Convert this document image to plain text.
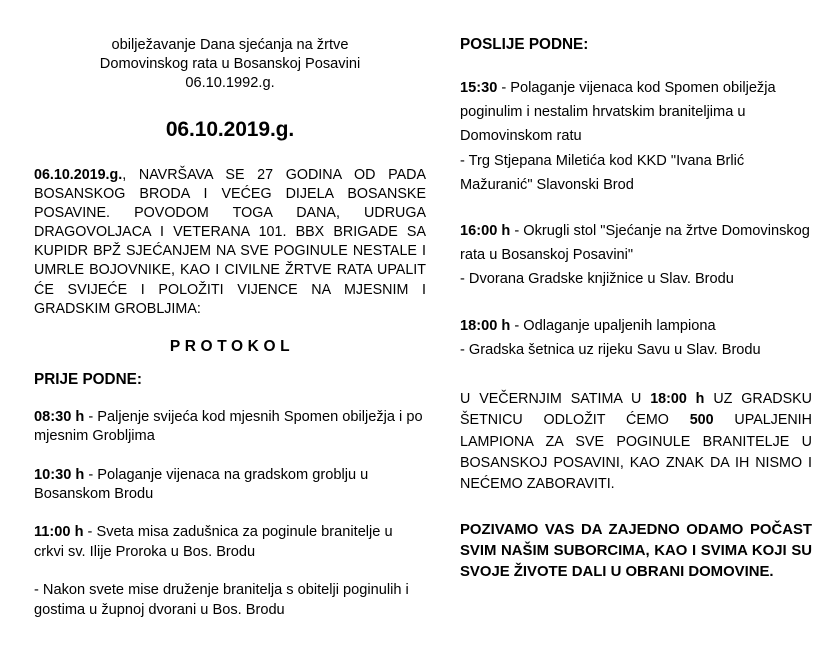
obilježavanje Dana sjećanja na žrtve
Domovinskog rata u Bosanskoj Posavini
06.10.1992.g.
06.10.2019.g.

06.10.2019.g., NAVRŠAVA SE 27 GODINA OD PADA BOSANSKOG BRODA I VEĆEG DIJELA BOSANSKE POSAVINE. POVODOM TOGA DANA, UDRUGA DRAGOVOLJACA I VETERANA 101. BBX BRIGADE SA KUPIDR BPŽ SJEĆANJEM NA SVE POGINULE NESTALE I UMRLE BOJOVNIKE, KAO I CIVILNE ŽRTVE RATA UPALIT ĆE SVIJEĆE I POLOŽITI VIJENCE NA MJESNIM I GRADSKIM GROBLJIMA:

PROTOKOL
PRIJE PODNE:

08:30 h - Paljenje svijeća kod mjesnih Spomen obilježja i po mjesnim Grobljima

10:30 h - Polaganje vijenaca na gradskom groblju u Bosanskom Brodu

11:00 h - Sveta misa zadušnica za poginule branitelje u crkvi sv. Ilije Proroka u Bos. Brodu

- Nakon svete mise druženje branitelja s obitelji poginulih i gostima u župnoj dvorani u Bos. Brodu

POSLIJE PODNE:

15:30 - Polaganje vijenaca kod Spomen obilježja poginulim i nestalim hrvatskim braniteljima u Domovinskom ratu
- Trg Stjepana Miletića kod KKD "Ivana Brlić Mažuranić" Slavonski Brod

16:00 h - Okrugli stol "Sjećanje na žrtve Domovinskog rata u Bosanskoj Posavini"
- Dvorana Gradske knjižnice u Slav. Brodu

18:00 h - Odlaganje upaljenih lampiona
- Gradska šetnica uz rijeku Savu u Slav. Brodu

U VEČERNJIM SATIMA U 18:00 h UZ GRADSKU ŠETNICU ODLOŽIT ĆEMO 500 UPALJENIH LAMPIONA ZA SVE POGINULE BRANITELJE U BOSANSKOJ POSAVINI, KAO ZNAK DA IH NISMO I NEĆEMO ZABORAVITI.

POZIVAMO VAS DA ZAJEDNO ODAMO POČAST SVIM NAŠIM SUBORCIMA, KAO I SVIMA KOJI SU SVOJE ŽIVOTE DALI U OBRANI DOMOVINE.
